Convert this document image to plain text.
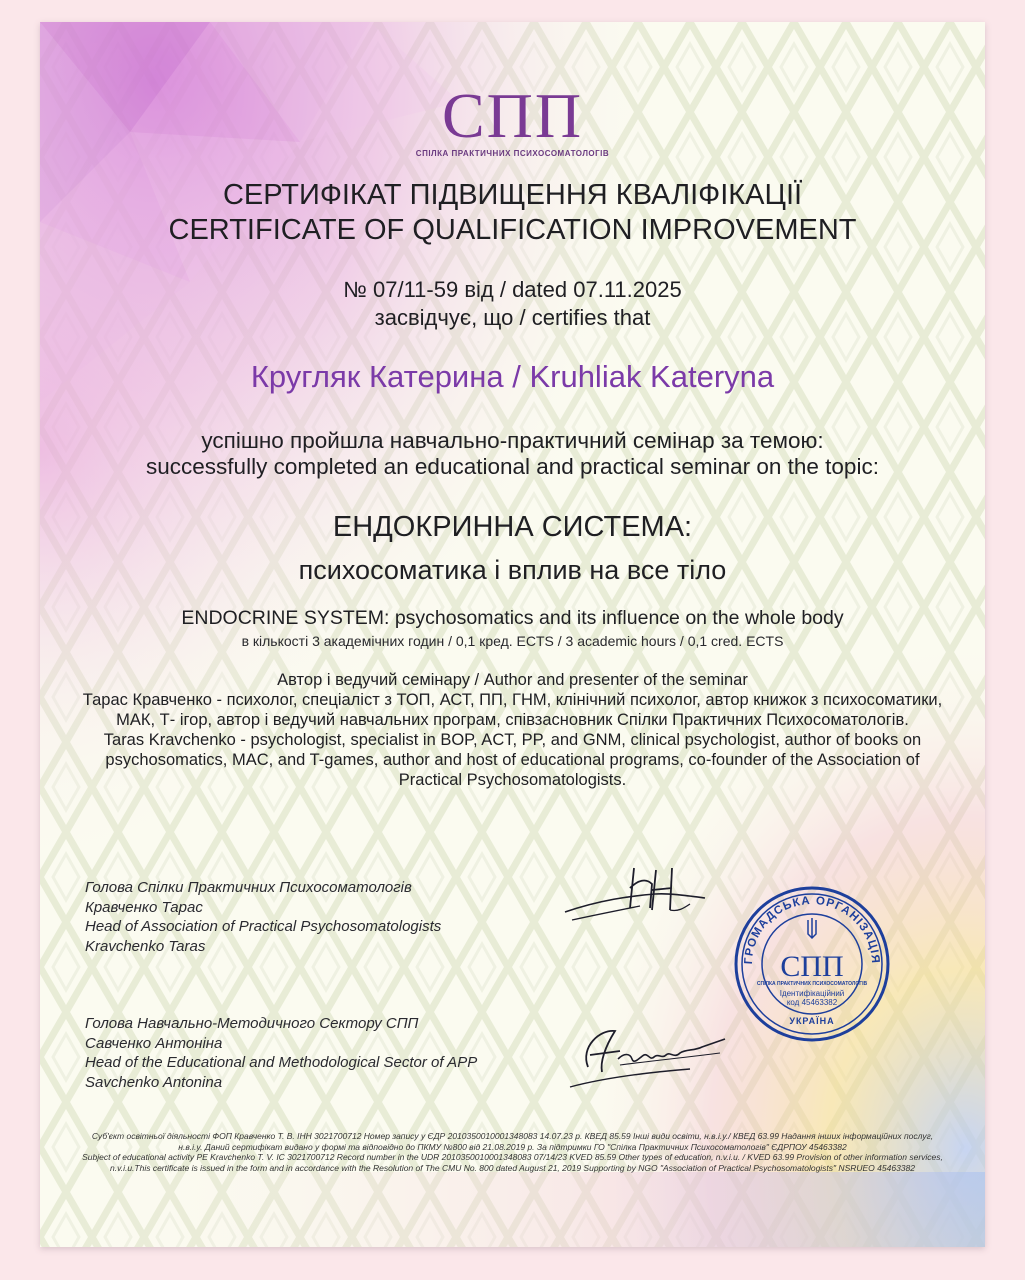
СПП
СПІЛКА ПРАКТИЧНИХ ПСИХОСОМАТОЛОГІВ
СЕРТИФІКАТ ПІДВИЩЕННЯ КВАЛІФІКАЦІЇ
CERTIFICATE OF QUALIFICATION IMPROVEMENT
№ 07/11-59 від / dated 07.11.2025
засвідчує, що / certifies that
Кругляк Катерина / Kruhliak Kateryna
успішно пройшла навчально-практичний семінар за темою:
successfully completed an educational and practical seminar on the topic:
ЕНДОКРИННА СИСТЕМА:
психосоматика і вплив на все тіло
ENDOCRINE SYSTEM: psychosomatics and its influence on the whole body
в кількості 3 академічних годин / 0,1 кред. ECTS / 3 academic hours / 0,1 cred. ECTS
Автор і ведучий семінару / Author and presenter of the seminar

Тарас Кравченко - психолог, спеціаліст з ТОП, АСТ, ПП, ГНМ, клінічний психолог, автор книжок з психосоматики, МАК, Т- ігор, автор і ведучий навчальних програм, співзасновник Спілки Практичних Психосоматологів.

Taras Kravchenko - psychologist, specialist in BOP, ACT, PP, and GNM, clinical psychologist, author of books on psychosomatics, MAC, and T-games, author and host of educational programs, co-founder of the Association of Practical Psychosomatologists.

Голова Спілки Практичних Психосоматологів
Кравченко Тарас
Head of Association of Practical Psychosomatologists
Kravchenko Taras
Голова Навчально-Методичного Сектору СПП
Савченко Антоніна
Head of the Educational and Methodological Sector of APP
Savchenko Antonina
ГРОМАДСЬКА ОРГАНІЗАЦІЯ
СПП
СПІЛКА ПРАКТИЧНИХ ПСИХОСОМАТОЛОГІВ
Ідентифікаційний
код 45463382
УКРАЇНА

Суб'єкт освітньої діяльності ФОП Кравченко Т. В. ІНН 3021700712 Номер запису у ЄДР 2010350010001348083 14.07.23 р. КВЕД 85.59 Інші види освіти, н.в.і.у./ КВЕД 63.99 Надання інших інформаційних послуг, н.в.і.у. Даний сертифікат видано у формі та відповідно до ПКМУ №800 від 21.08.2019 р. За підтримки ГО "Спілка Практичних Психосоматологів" ЄДРПОУ 45463382

Subject of educational activity PE Kravchenko T. V. IC 3021700712 Record number in the UDR 2010350010001348083 07/14/23 KVED 85.59 Other types of education, n.v.i.u. / KVED 63.99 Provision of other information services, n.v.i.u.This certificate is issued in the form and in accordance with the Resolution of The CMU No. 800 dated August 21, 2019 Supporting by NGO "Association of Practical Psychosomatologists" NSRUEO 45463382
